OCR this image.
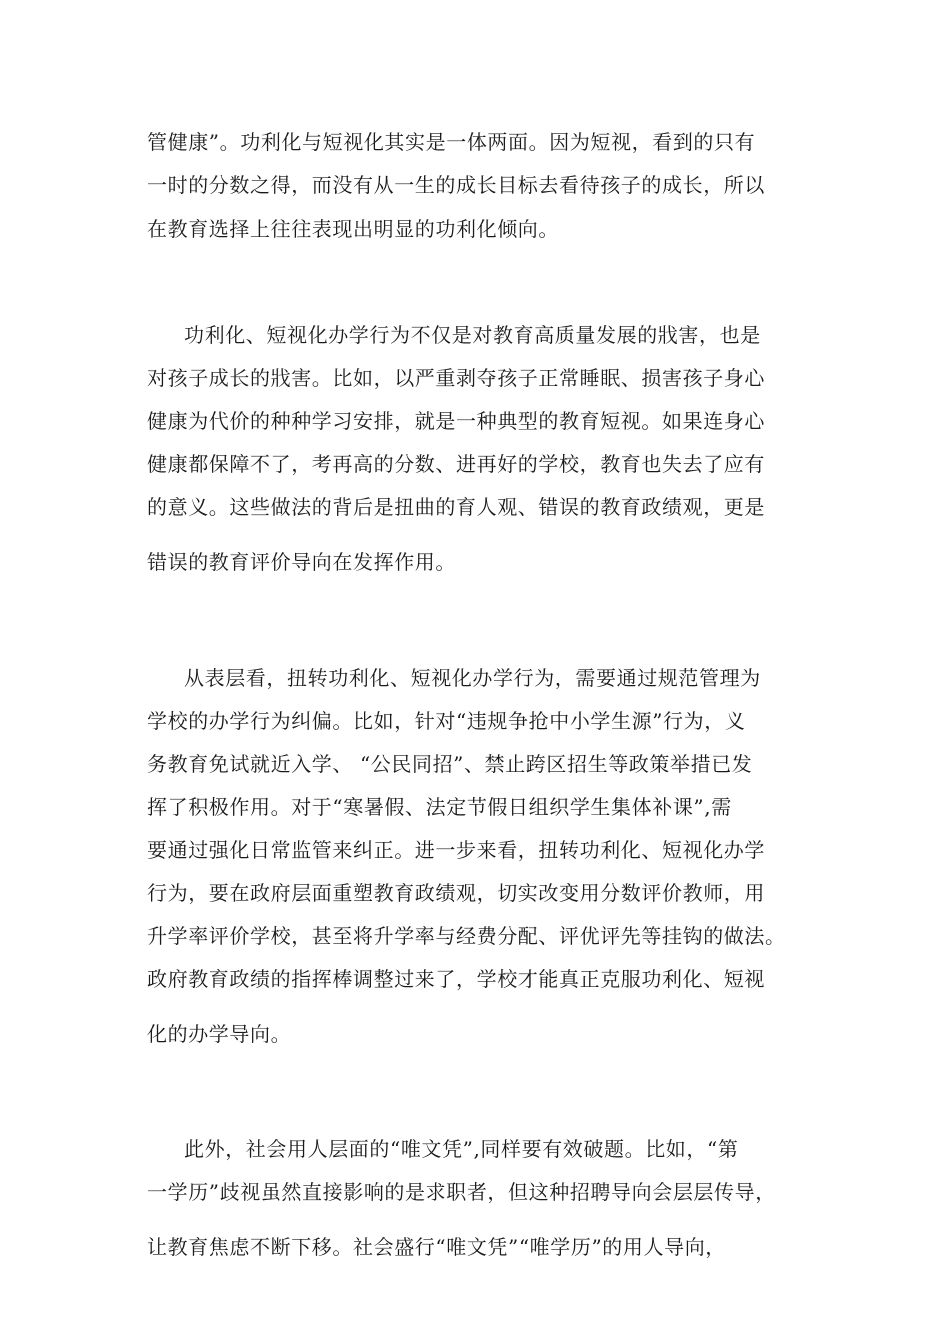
管健康”。功利化与短视化其实是一体两面。因为短视，看到的只有
一时的分数之得，而没有从一生的成长目标去看待孩子的成长，所以
在教育选择上往往表现出明显的功利化倾向。
功利化、短视化办学行为不仅是对教育高质量发展的戕害，也是
对孩子成长的戕害。比如，以严重剥夺孩子正常睡眠、损害孩子身心
健康为代价的种种学习安排，就是一种典型的教育短视。如果连身心
健康都保障不了，考再高的分数、进再好的学校，教育也失去了应有
的意义。这些做法的背后是扭曲的育人观、错误的教育政绩观，更是
错误的教育评价导向在发挥作用。
从表层看，扭转功利化、短视化办学行为，需要通过规范管理为
学校的办学行为纠偏。比如，针对“违规争抢中小学生源”行为，义
务教育免试就近入学、 “公民同招”、禁止跨区招生等政策举措已发
挥了积极作用。对于“寒暑假、法定节假日组织学生集体补课”,需
要通过强化日常监管来纠正。进一步来看，扭转功利化、短视化办学
行为，要在政府层面重塑教育政绩观，切实改变用分数评价教师，用
升学率评价学校，甚至将升学率与经费分配、评优评先等挂钩的做法。
政府教育政绩的指挥棒调整过来了，学校才能真正克服功利化、短视
化的办学导向。
此外，社会用人层面的“唯文凭”,同样要有效破题。比如，“第
一学历”歧视虽然直接影响的是求职者，但这种招聘导向会层层传导，
让教育焦虑不断下移。社会盛行“唯文凭”“唯学历”的用人导向，
